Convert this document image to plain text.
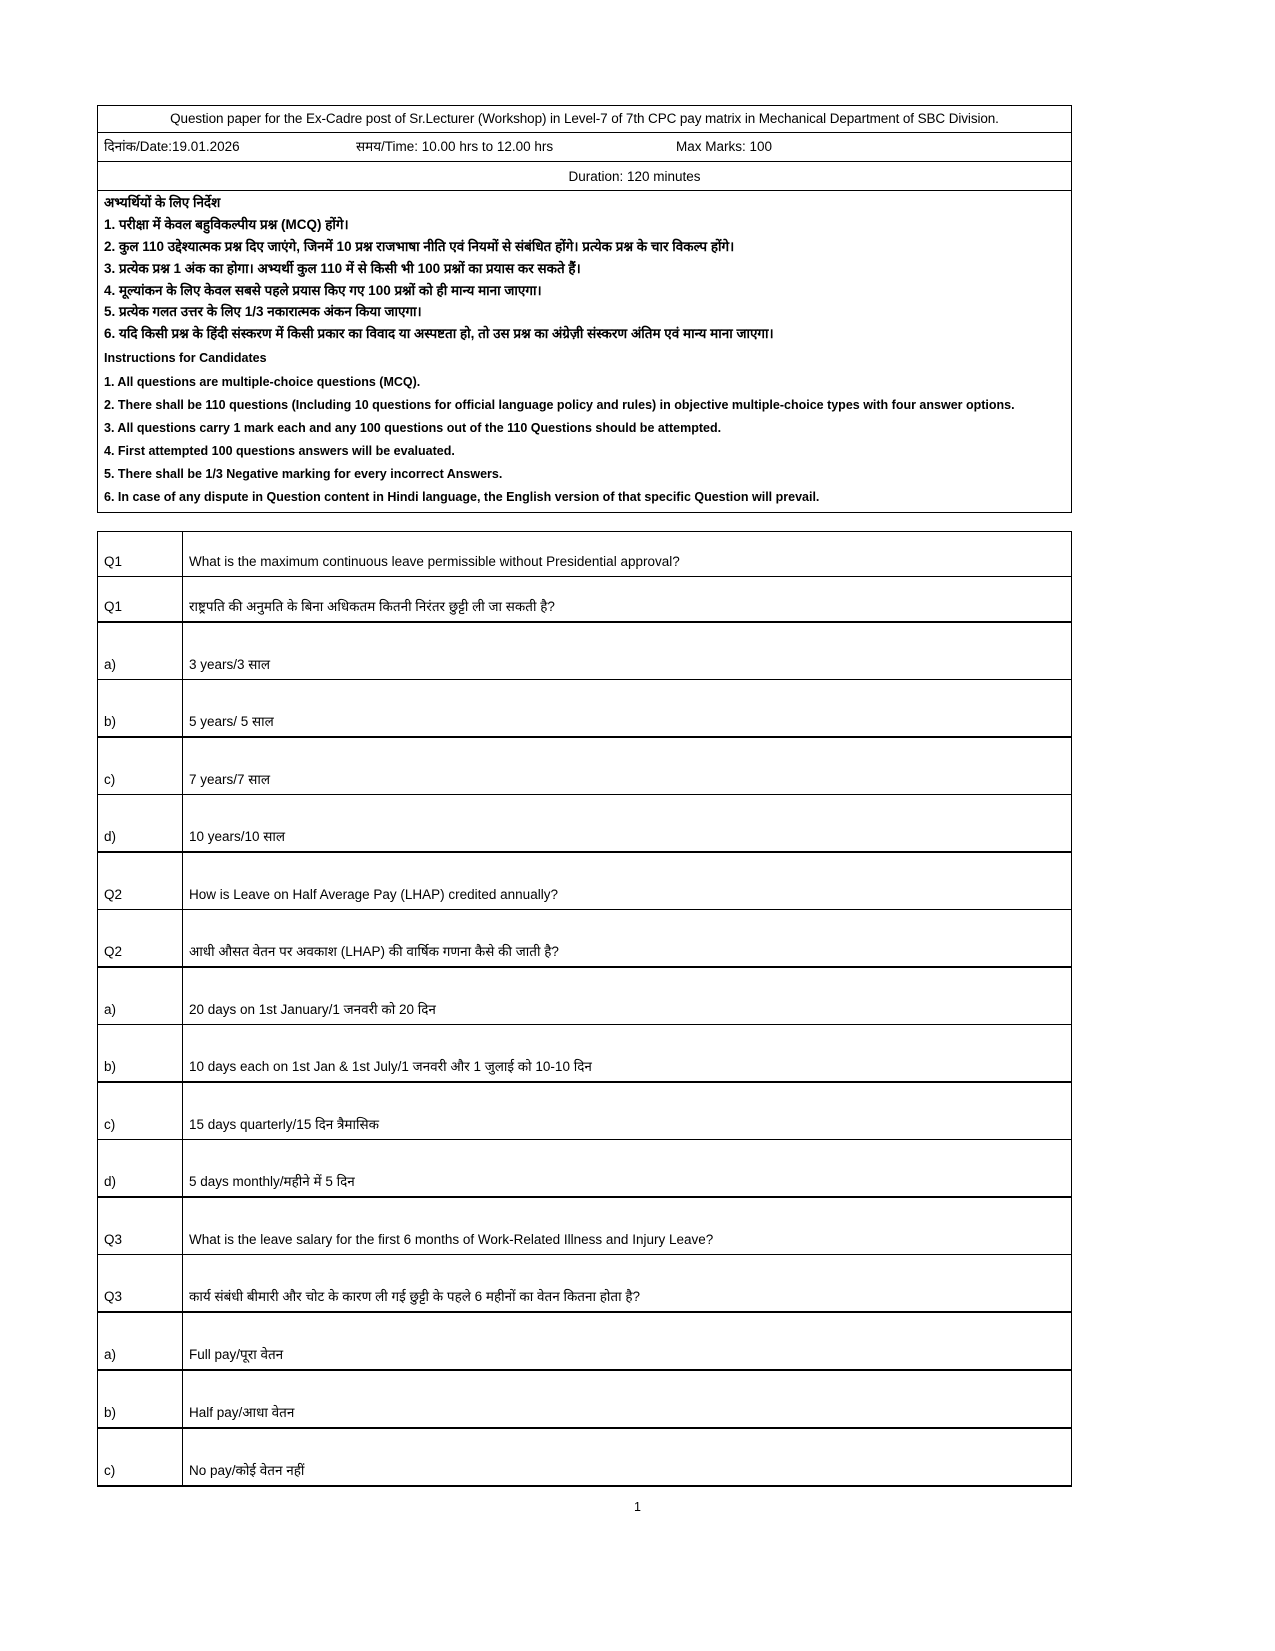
Question paper for the Ex-Cadre post of Sr.Lecturer (Workshop) in Level-7 of 7th CPC pay matrix in Mechanical Department of SBC Division.

दिनांक/Date:19.01.2026	समय/Time: 10.00 hrs to 12.00 hrs	Max Marks: 100

Duration: 120 minutes

अभ्यर्थियों के लिए निर्देश
1. परीक्षा में केवल बहुविकल्पीय प्रश्न (MCQ) होंगे।
2. कुल 110 उद्देश्यात्मक प्रश्न दिए जाएंगे, जिनमें 10 प्रश्न राजभाषा नीति एवं नियमों से संबंधित होंगे। प्रत्येक प्रश्न के चार विकल्प होंगे।
3. प्रत्येक प्रश्न 1 अंक का होगा। अभ्यर्थी कुल 110 में से किसी भी 100 प्रश्नों का प्रयास कर सकते हैं।
4. मूल्यांकन के लिए केवल सबसे पहले प्रयास किए गए 100 प्रश्नों को ही मान्य माना जाएगा।
5. प्रत्येक गलत उत्तर के लिए 1/3 नकारात्मक अंकन किया जाएगा।
6. यदि किसी प्रश्न के हिंदी संस्करण में किसी प्रकार का विवाद या अस्पष्टता हो, तो उस प्रश्न का अंग्रेज़ी संस्करण अंतिम एवं मान्य माना जाएगा।
Instructions for Candidates
1. All questions are multiple-choice questions (MCQ).
2. There shall be 110 questions (Including 10 questions for official language policy and rules) in objective multiple-choice types with four answer options.
3. All questions carry 1 mark each and any 100 questions out of the 110 Questions should be attempted.
4. First attempted 100 questions answers will be evaluated.
5. There shall be 1/3 Negative marking for every incorrect Answers.
6. In case of any dispute in Question content in Hindi language, the English version of that specific Question will prevail.
Q1	What is the maximum continuous leave permissible without Presidential approval?
Q1	राष्ट्रपति की अनुमति के बिना अधिकतम कितनी निरंतर छुट्टी ली जा सकती है?
a)	3 years/3 साल
b)	5 years/ 5 साल
c)	7 years/7 साल
d)	10 years/10 साल
Q2	How is Leave on Half Average Pay (LHAP) credited annually?
Q2	आधी औसत वेतन पर अवकाश (LHAP) की वार्षिक गणना कैसे की जाती है?
a)	20 days on 1st January/1 जनवरी को 20 दिन
b)	10 days each on 1st Jan & 1st July/1 जनवरी और 1 जुलाई को 10-10 दिन
c)	15 days quarterly/15 दिन त्रैमासिक
d)	5 days monthly/महीने में 5 दिन
Q3	What is the leave salary for the first 6 months of Work-Related Illness and Injury Leave?
Q3	कार्य संबंधी बीमारी और चोट के कारण ली गई छुट्टी के पहले 6 महीनों का वेतन कितना होता है?
a)	Full pay/पूरा वेतन
b)	Half pay/आधा वेतन
c)	No pay/कोई वेतन नहीं
1
